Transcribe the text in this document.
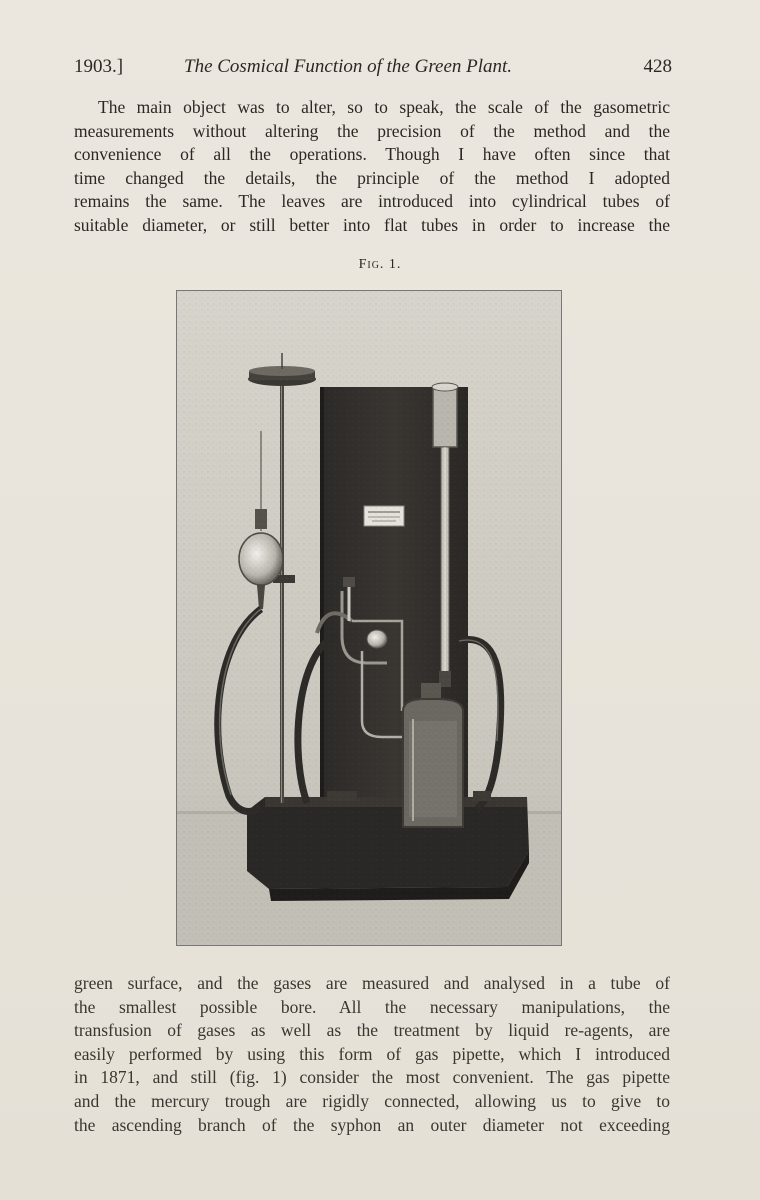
1903.]	The Cosmical Function of the Green Plant.	428
The main object was to alter, so to speak, the scale of the gasometric
measurements without altering the precision of the method and the
convenience of all the operations. Though I have often since that
time changed the details, the principle of the method I adopted
remains the same. The leaves are introduced into cylindrical tubes of
suitable diameter, or still better into flat tubes in order to increase the
Fig. 1.
green surface, and the gases are measured and analysed in a tube of
the smallest possible bore. All the necessary manipulations, the
transfusion of gases as well as the treatment by liquid re-agents, are
easily performed by using this form of gas pipette, which I introduced
in 1871, and still (fig. 1) consider the most convenient. The gas pipette
and the mercury trough are rigidly connected, allowing us to give to
the ascending branch of the syphon an outer diameter not exceeding
